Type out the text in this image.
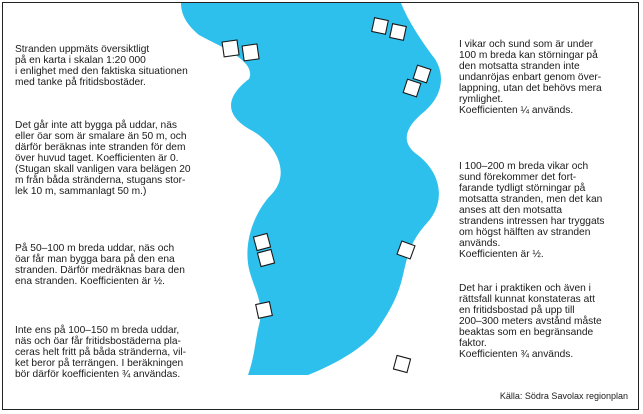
Stranden uppmäts översiktligt
på en karta i skalan 1:20 000
i enlighet med den faktiska situationen
med tanke på fritidsbostäder.

Det går inte att bygga på uddar, näs
eller öar som är smalare än 50 m, och
därför beräknas inte stranden för dem
över huvud taget. Koefficienten är 0.
(Stugan skall vanligen vara belägen 20
m från båda stränderna, stugans stor-
lek 10 m, sammanlagt 50 m.)

På 50–100 m breda uddar, näs och
öar får man bygga bara på den ena
stranden. Därför medräknas bara den
ena stranden. Koefficienten är ½.

Inte ens på 100–150 m breda uddar,
näs och öar får fritidsbostäderna pla-
ceras helt fritt på båda stränderna, vil-
ket beror på terrängen. I beräkningen
bör därför koefficienten ¾ användas.

I vikar och sund som är under
100 m breda kan störningar på
den motsatta stranden inte
undanröjas enbart genom över-
lappning, utan det behövs mera
rymlighet.
Koefficienten ¼ används.

I 100–200 m breda vikar och
sund förekommer det fort-
farande tydligt störningar på
motsatta stranden, men det kan
anses att den motsatta
strandens intressen har tryggats
om högst hälften av stranden
används.
Koefficienten är ½.

Det har i praktiken och även i
rättsfall kunnat konstateras att
en fritidsbostad på upp till
200–300 meters avstånd måste
beaktas som en begränsande
faktor.
Koefficienten ¾ används.

Källa: Södra Savolax regionplan
